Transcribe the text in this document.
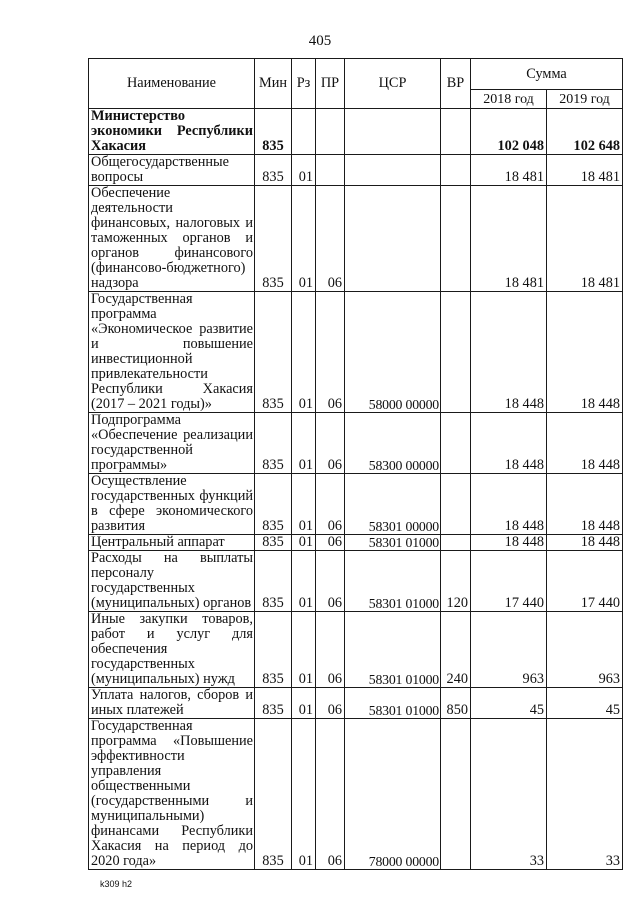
405
Наименование	Мин	Рз	ПР	ЦСР	ВР	Сумма	
						2018 год	2019 год
Министерство экономики Республики Хакасия	835					102 048	102 648
Общегосударственные вопросы	835	01				18 481	18 481
Обеспечение деятельности финансовых, налоговых и таможенных органов и органов финансового (финансово-бюджетного) надзора	835	01	06			18 481	18 481
Государственная программа «Экономическое развитие и повышение инвестиционной привлекательности Республики Хакасия (2017 – 2021 годы)»	835	01	06	58000 00000		18 448	18 448
Подпрограмма «Обеспечение реализации государственной программы»	835	01	06	58300 00000		18 448	18 448
Осуществление государственных функций в сфере экономического развития	835	01	06	58301 00000		18 448	18 448
Центральный аппарат	835	01	06	58301 01000		18 448	18 448
Расходы на выплаты персоналу государственных (муниципальных) органов	835	01	06	58301 01000	120	17 440	17 440
Иные закупки товаров, работ и услуг для обеспечения государственных (муниципальных) нужд	835	01	06	58301 01000	240	963	963
Уплата налогов, сборов и иных платежей	835	01	06	58301 01000	850	45	45
Государственная программа «Повышение эффективности управления общественными (государственными и муниципальными) финансами Республики Хакасия на период до 2020 года»	835	01	06	78000 00000		33	33
k309 h2
